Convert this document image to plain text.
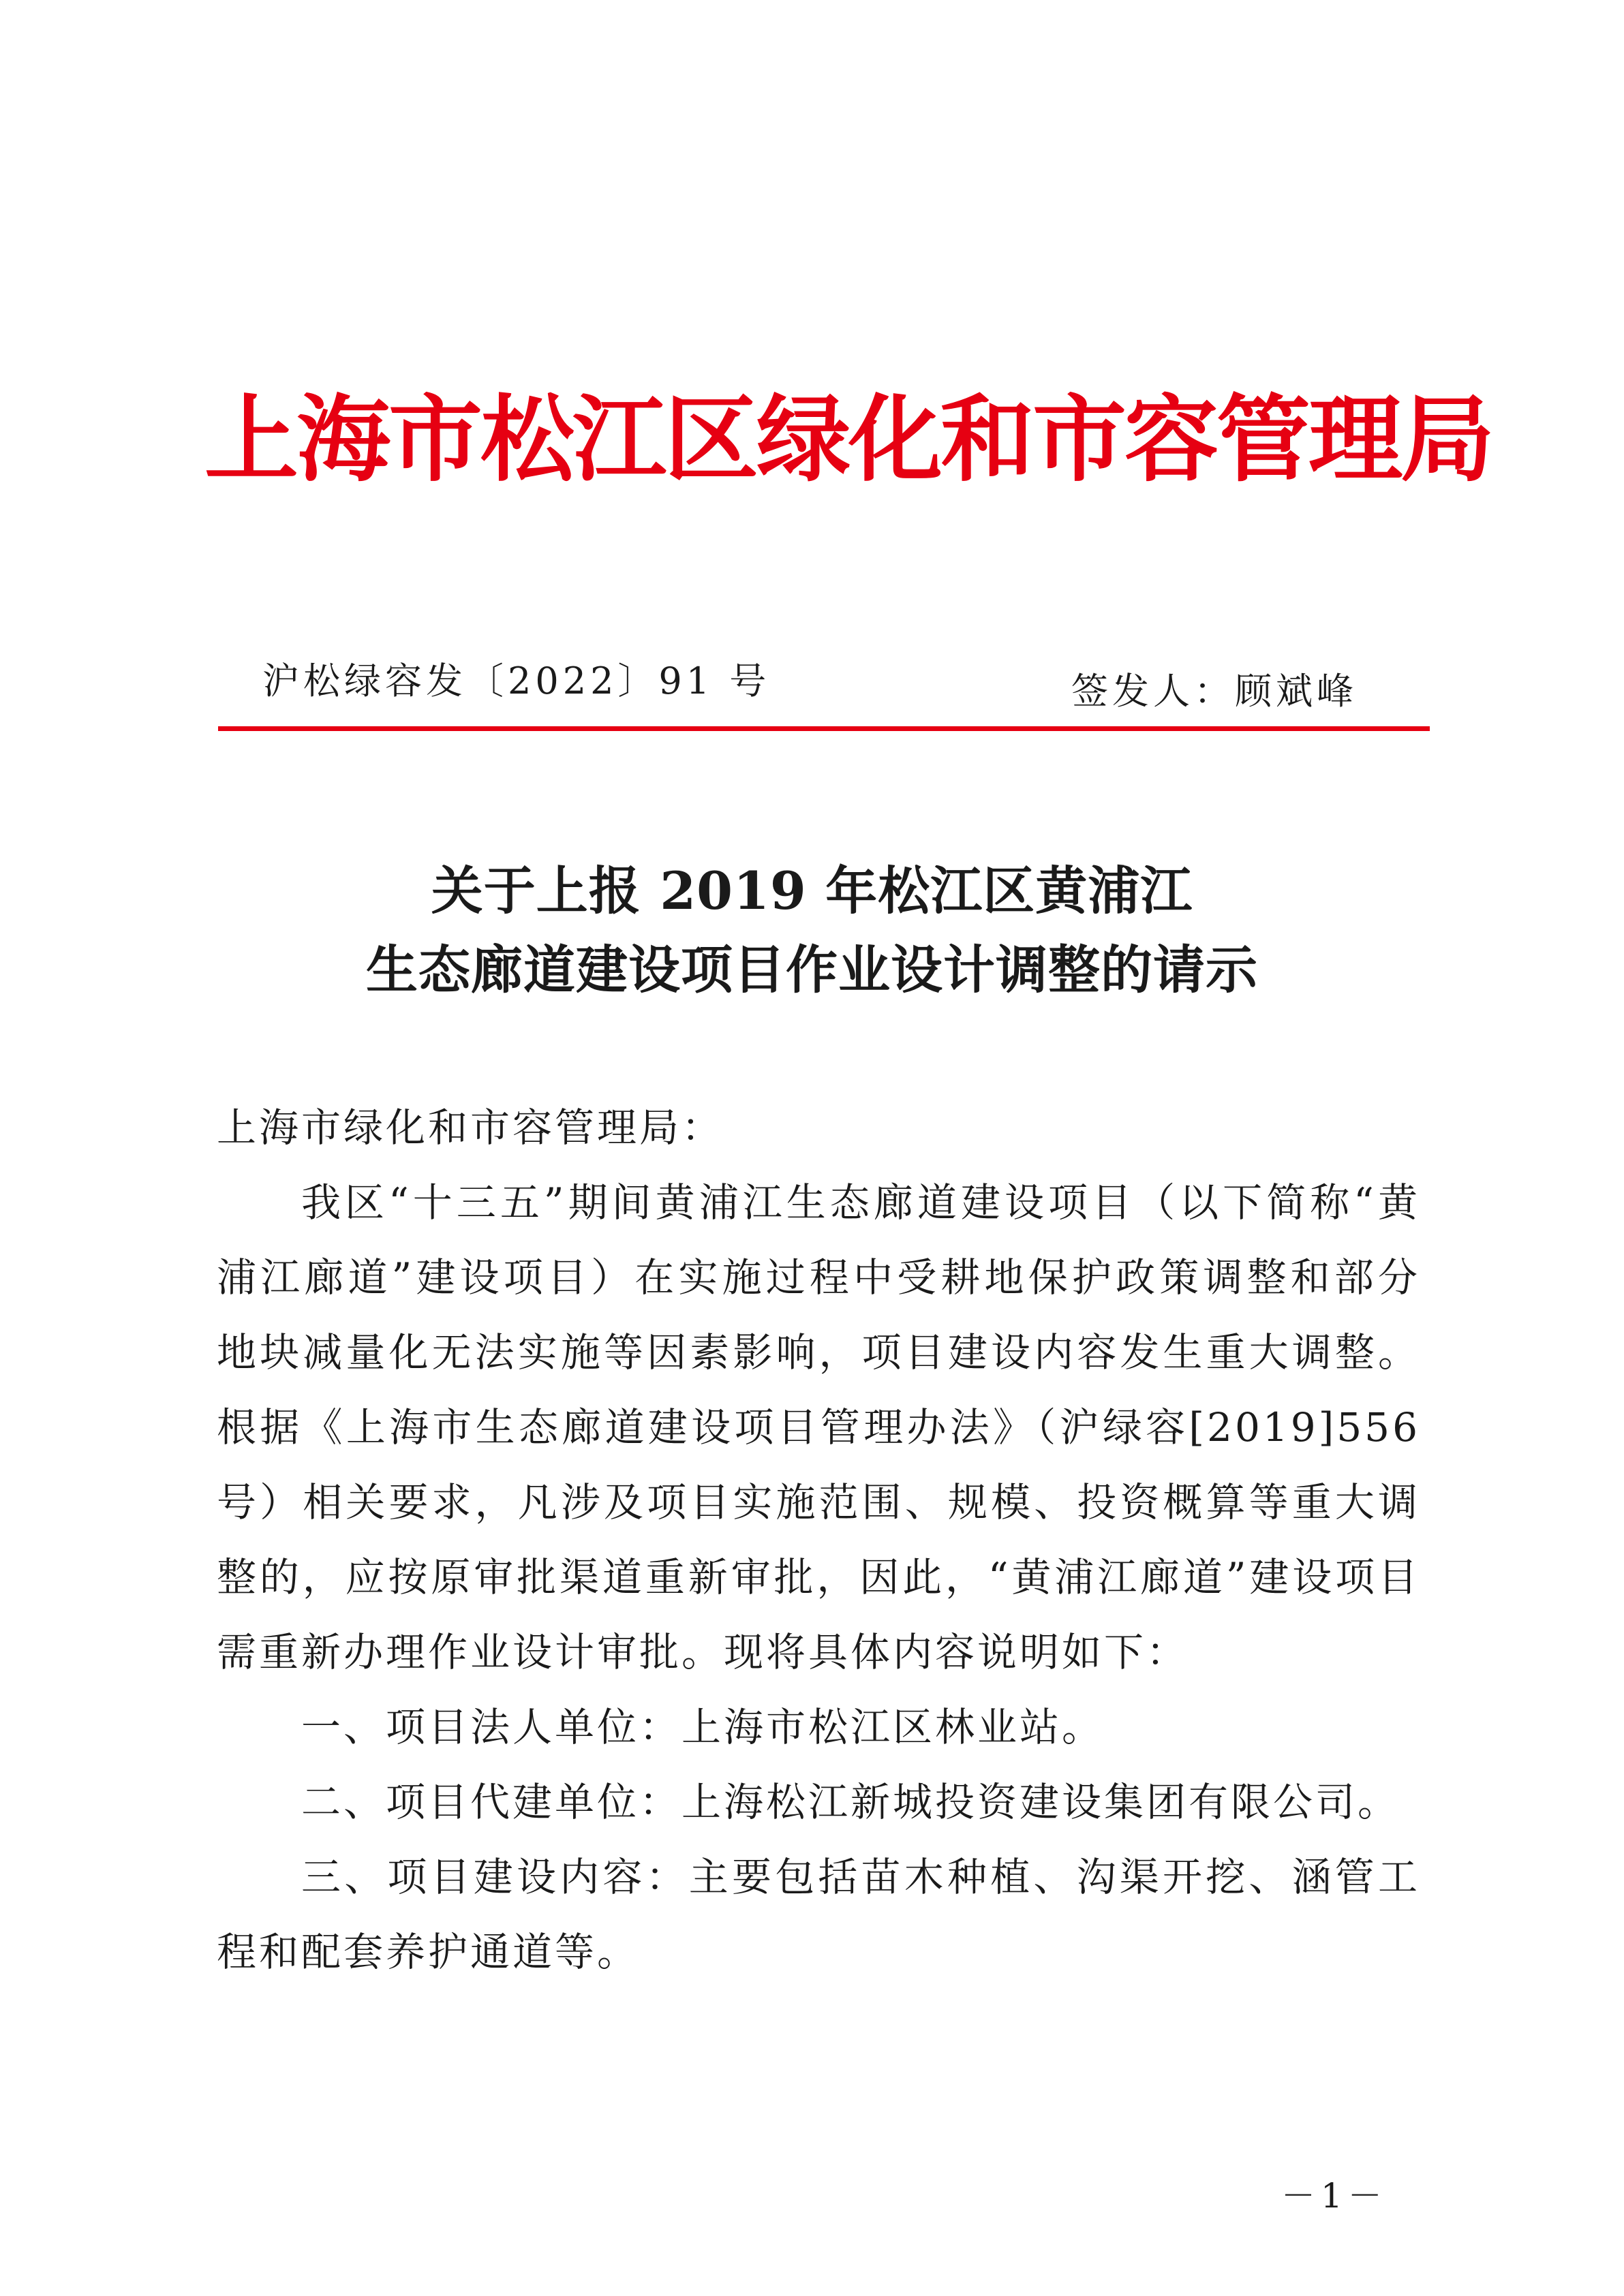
上海市松江区绿化和市容管理局
沪松绿容发〔2022〕91 号	签发人：顾斌峰
关于上报 2019 年松江区黄浦江
生态廊道建设项目作业设计调整的请示
上海市绿化和市容管理局：

我区“十三五”期间黄浦江生态廊道建设项目（以下简称“黄浦江廊道”建设项目）在实施过程中受耕地保护政策调整和部分地块减量化无法实施等因素影响，项目建设内容发生重大调整。根据《上海市生态廊道建设项目管理办法》（沪绿容[2019]556 号）相关要求，凡涉及项目实施范围、规模、投资概算等重大调整的，应按原审批渠道重新审批，因此，“黄浦江廊道”建设项目需重新办理作业设计审批。现将具体内容说明如下：

一、项目法人单位：上海市松江区林业站。

二、项目代建单位：上海松江新城投资建设集团有限公司。

三、项目建设内容：主要包括苗木种植、沟渠开挖、涵管工程和配套养护通道等。

－1－
